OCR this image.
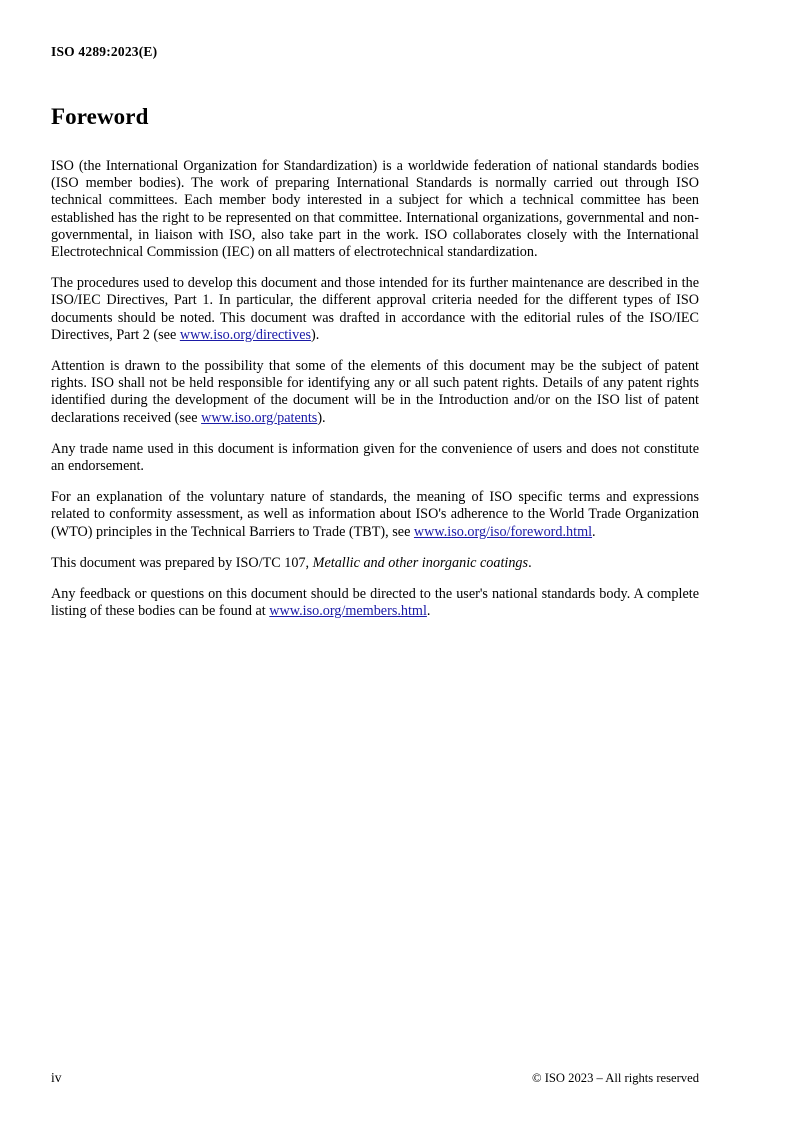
ISO 4289:2023(E)
Foreword

ISO (the International Organization for Standardization) is a worldwide federation of national standards bodies (ISO member bodies). The work of preparing International Standards is normally carried out through ISO technical committees. Each member body interested in a subject for which a technical committee has been established has the right to be represented on that committee. International organizations, governmental and non-governmental, in liaison with ISO, also take part in the work. ISO collaborates closely with the International Electrotechnical Commission (IEC) on all matters of electrotechnical standardization.

The procedures used to develop this document and those intended for its further maintenance are described in the ISO/IEC Directives, Part 1. In particular, the different approval criteria needed for the different types of ISO documents should be noted. This document was drafted in accordance with the editorial rules of the ISO/IEC Directives, Part 2 (see www.iso.org/directives).

Attention is drawn to the possibility that some of the elements of this document may be the subject of patent rights. ISO shall not be held responsible for identifying any or all such patent rights. Details of any patent rights identified during the development of the document will be in the Introduction and/or on the ISO list of patent declarations received (see www.iso.org/patents).

Any trade name used in this document is information given for the convenience of users and does not constitute an endorsement.

For an explanation of the voluntary nature of standards, the meaning of ISO specific terms and expressions related to conformity assessment, as well as information about ISO's adherence to the World Trade Organization (WTO) principles in the Technical Barriers to Trade (TBT), see www.iso.org/iso/foreword.html.

This document was prepared by ISO/TC 107, Metallic and other inorganic coatings.

Any feedback or questions on this document should be directed to the user's national standards body. A complete listing of these bodies can be found at www.iso.org/members.html.

iv	© ISO 2023 – All rights reserved
